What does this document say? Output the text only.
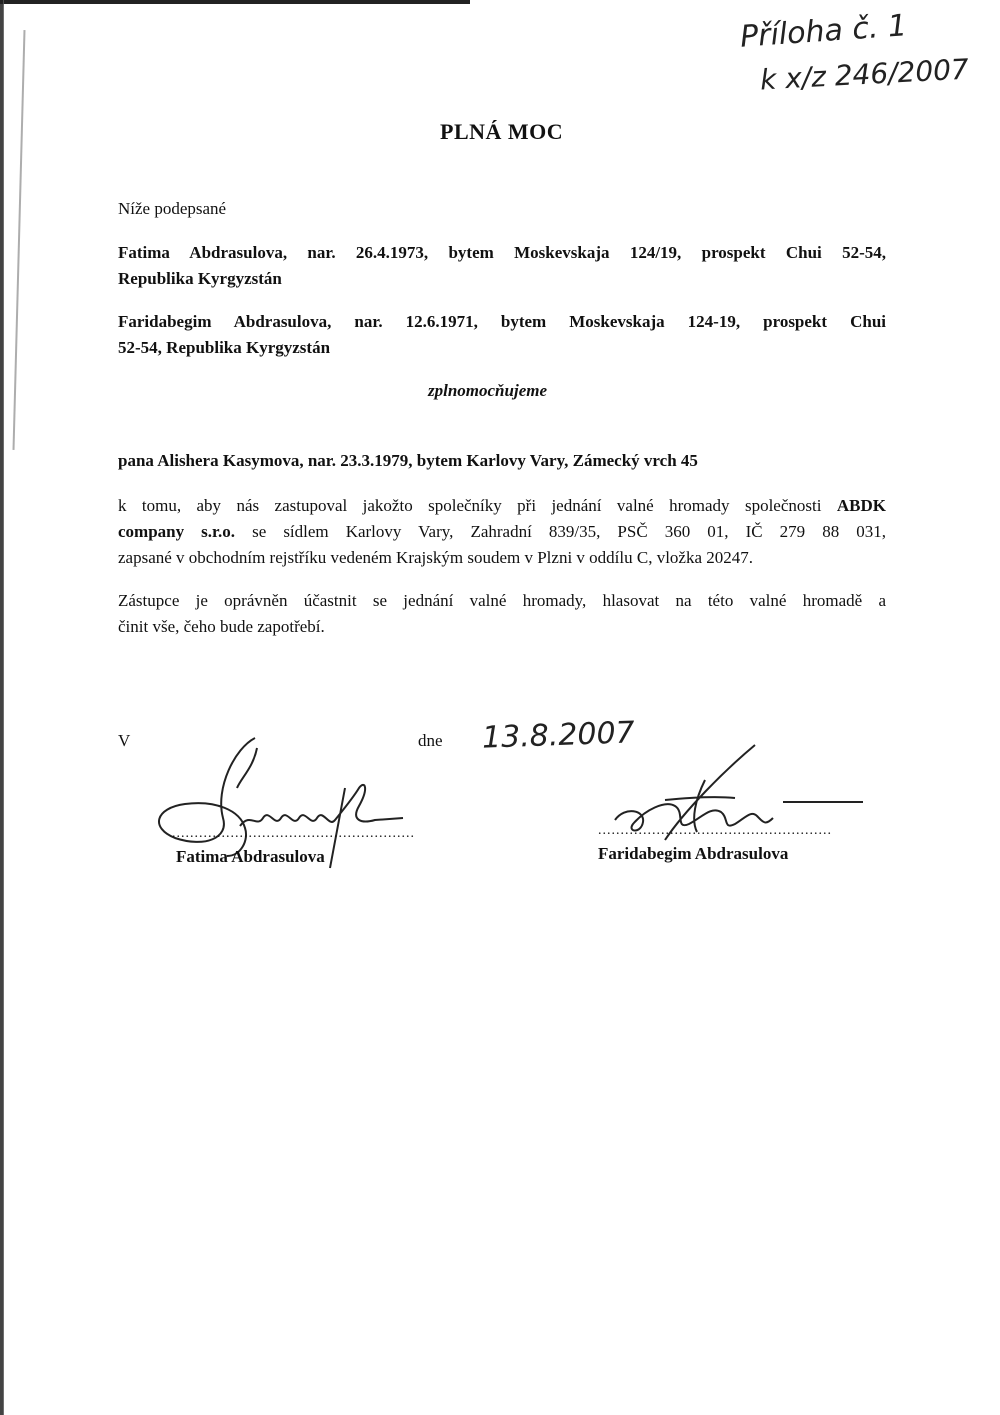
Příloha č. 1
k x/z 246/2007
PLNÁ MOC
Níže podepsané
Fatima Abdrasulova, nar. 26.4.1973, bytem Moskevskaja 124/19, prospekt Chui 52-54,
Republika Kyrgyzstán
Faridabegim Abdrasulova, nar. 12.6.1971, bytem Moskevskaja 124-19, prospekt Chui
52-54, Republika Kyrgyzstán
zplnomocňujeme
pana Alishera Kasymova, nar. 23.3.1979, bytem Karlovy Vary, Zámecký vrch 45
k tomu, aby nás zastupoval jakožto společníky při jednání valné hromady společnosti ABDK
company s.r.o. se sídlem Karlovy Vary, Zahradní 839/35, PSČ 360 01, IČ 279 88 031,
zapsané v obchodním rejstříku vedeném Krajským soudem v Plzni v oddílu C, vložka 20247.
Zástupce je oprávněn účastnit se jednání valné hromady, hlasovat na této valné hromadě a
činit vše, čeho bude zapotřebí.
V	dne 13.8.2007
......................................................
Fatima Abdrasulova
....................................................
Faridabegim Abdrasulova
